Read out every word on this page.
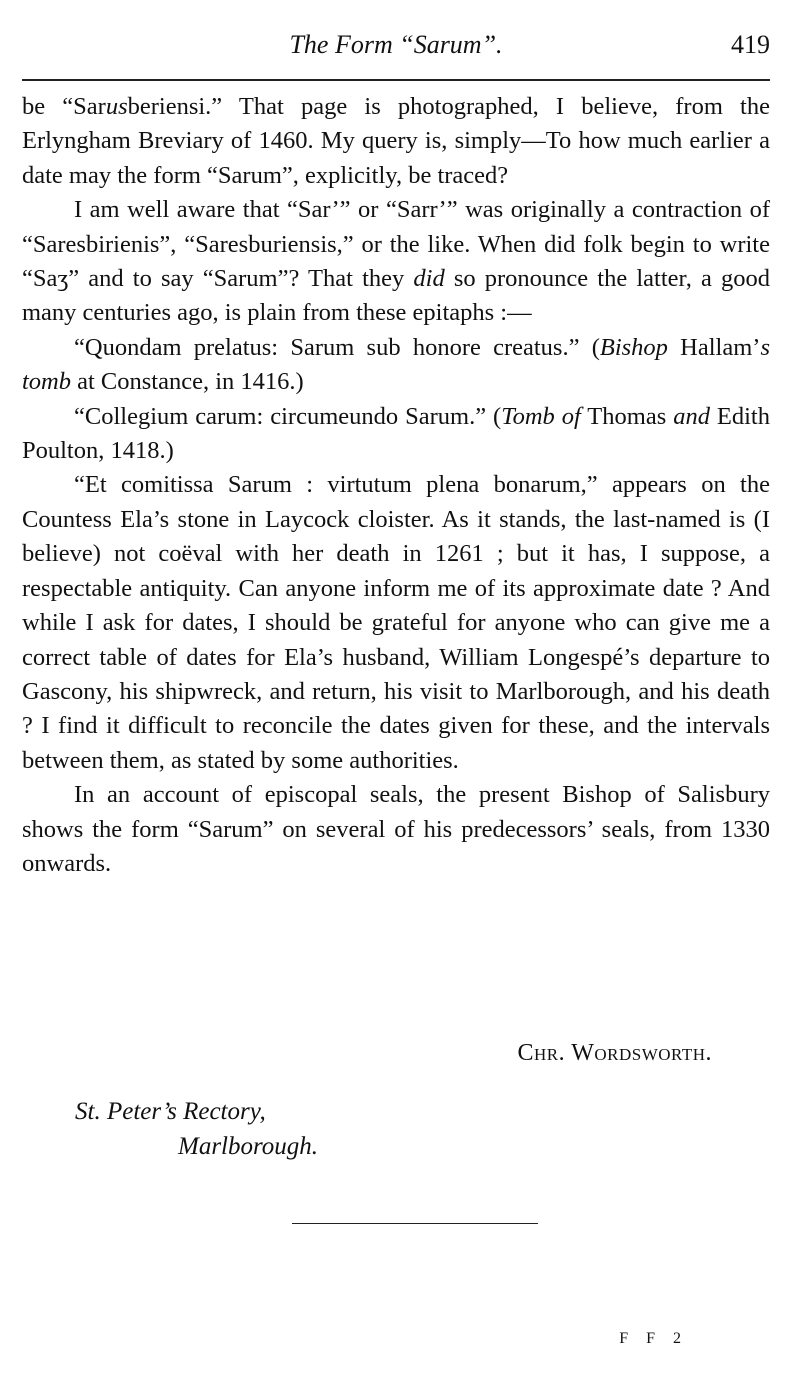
The Form “Sarum”.	419

be “Sarusberiensi.” That page is photographed, I believe, from the Erlyngham Breviary of 1460. My query is, simply—To how much earlier a date may the form “Sarum”, explicitly, be traced?

I am well aware that “Sar’” or “Sarr’” was originally a contraction of “Saresbirienis”, “Saresburiensis,” or the like. When did folk begin to write “Saʒ” and to say “Sarum”? That they did so pronounce the latter, a good many centuries ago, is plain from these epitaphs :—

“Quondam prelatus: Sarum sub honore creatus.” (Bishop Hallam’s tomb at Constance, in 1416.)

“Collegium carum: circumeundo Sarum.” (Tomb of Thomas and Edith Poulton, 1418.)

“Et comitissa Sarum : virtutum plena bonarum,” appears on the Countess Ela’s stone in Laycock cloister. As it stands, the last-named is (I believe) not coëval with her death in 1261 ; but it has, I suppose, a respectable antiquity. Can anyone inform me of its approximate date ? And while I ask for dates, I should be grateful for anyone who can give me a correct table of dates for Ela’s husband, William Longespé’s departure to Gascony, his shipwreck, and return, his visit to Marlborough, and his death ? I find it difficult to reconcile the dates given for these, and the intervals between them, as stated by some authorities.

In an account of episcopal seals, the present Bishop of Salisbury shows the form “Sarum” on several of his predecessors’ seals, from 1330 onwards.

Chr. Wordsworth.
St. Peter’s Rectory,
Marlborough.
F F 2
